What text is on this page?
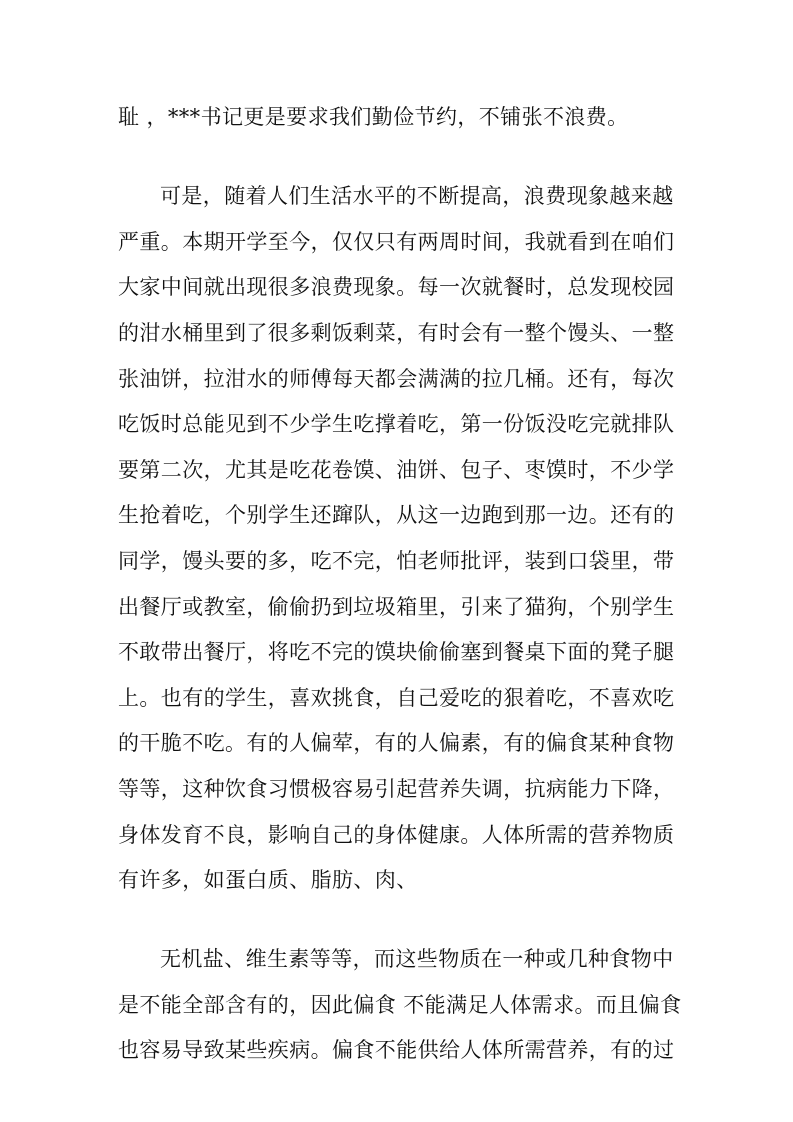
耻 ，***书记更是要求我们勤俭节约，不铺张不浪费。
可是，随着人们生活水平的不断提高，浪费现象越来越
严重。本期开学至今，仅仅只有两周时间，我就看到在咱们
大家中间就出现很多浪费现象。每一次就餐时，总发现校园
的泔水桶里到了很多剩饭剩菜，有时会有一整个馒头、一整
张油饼，拉泔水的师傅每天都会满满的拉几桶。还有，每次
吃饭时总能见到不少学生吃撑着吃，第一份饭没吃完就排队
要第二次，尤其是吃花卷馍、油饼、包子、枣馍时，不少学
生抢着吃，个别学生还蹿队，从这一边跑到那一边。还有的
同学，馒头要的多，吃不完，怕老师批评，装到口袋里，带
出餐厅或教室，偷偷扔到垃圾箱里，引来了猫狗，个别学生
不敢带出餐厅，将吃不完的馍块偷偷塞到餐桌下面的凳子腿
上。也有的学生，喜欢挑食，自己爱吃的狠着吃，不喜欢吃
的干脆不吃。有的人偏荤，有的人偏素，有的偏食某种食物
等等，这种饮食习惯极容易引起营养失调，抗病能力下降，
身体发育不良，影响自己的身体健康。人体所需的营养物质
有许多，如蛋白质、脂肪、肉、
无机盐、维生素等等，而这些物质在一种或几种食物中
是不能全部含有的，因此偏食 不能满足人体需求。而且偏食
也容易导致某些疾病。偏食不能供给人体所需营养，有的过
